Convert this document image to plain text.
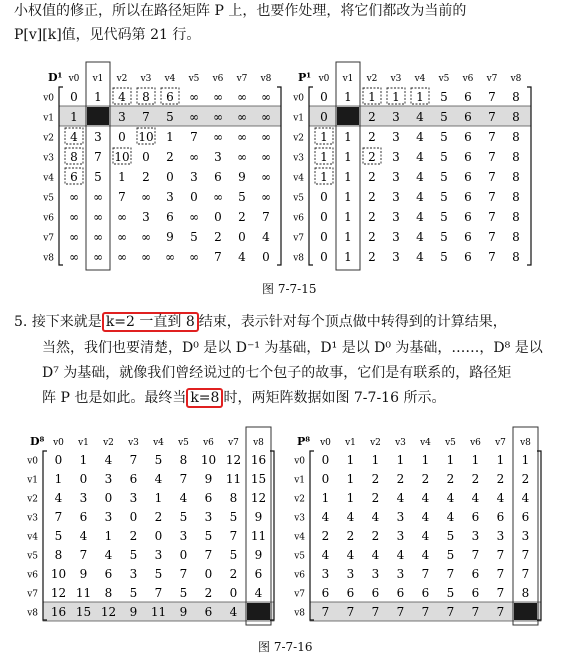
小权值的修正，所以在路径矩阵 P 上，也要作处理，将它们都改为当前的
P[v][k]值，见代码第 21 行。
D¹ v0 v1 v2 v3 v4 v5 v6 v7 v8
v0
v1
v2
v3
v4
v5
v6
v7
v8
0 1 4 8 6 ∞ ∞ ∞ ∞
1	3 7 5 ∞ ∞ ∞ ∞
4 3 0 10 1 7 ∞ ∞ ∞
8 7 10 0 2 ∞ 3 ∞ ∞
6 5 1 2 0 3 6 9 ∞
∞ ∞ 7 ∞ 3 0 ∞ 5 ∞
∞ ∞ ∞ 3 6 ∞ 0 2 7
∞ ∞ ∞ ∞ 9 5 2 0 4
∞ ∞ ∞ ∞ ∞ ∞ 7 4 0
P¹ v0 v1 v2 v3 v4 v5 v6 v7 v8
v0
v1
v2
v3
v4
v5
v6
v7
v8
0 1 1 1 1 5 6 7 8
0	2 3 4 5 6 7 8
1 1 2 3 4 5 6 7 8
1 1 2 3 4 5 6 7 8
1 1 2 3 4 5 6 7 8
0 1 2 3 4 5 6 7 8
0 1 2 3 4 5 6 7 8
0 1 2 3 4 5 6 7 8
0 1 2 3 4 5 6 7 8
图 7-7-15
5. 接下来就是 k=2 一直到 8 结束，表示针对每个顶点做中转得到的计算结果，
当然，我们也要清楚，D⁰ 是以 D⁻¹ 为基础，D¹ 是以 D⁰ 为基础，……，D⁸ 是以
D⁷ 为基础，就像我们曾经说过的七个包子的故事，它们是有联系的，路径矩
阵 P 也是如此。最终当 k=8 时，两矩阵数据如图 7-7-16 所示。
D⁸ v0 v1 v2 v3 v4 v5 v6 v7 v8
v0
v1
v2
v3
v4
v5
v6
v7
v8
0 1 4 7 5 8 10 12 16
1 0 3 6 4 7 9 11 15
4 3 0 3 1 4 6 8 12
7 6 3 0 2 5 3 5 9
5 4 1 2 0 3 5 7 11
8 7 4 5 3 0 7 5 9
10 9 6 3 5 7 0 2 6
12 11 8 5 7 5 2 0 4
16 15 12 9 11 9 6 4
P⁸ v0 v1 v2 v3 v4 v5 v6 v7 v8
v0
v1
v2
v3
v4
v5
v6
v7
v8
0 1 1 1 1 1 1 1 1
0 1 2 2 2 2 2 2 2
1 1 2 4 4 4 4 4 4
4 4 4 3 4 4 6 6 6
2 2 2 3 4 5 3 3 3
4 4 4 4 4 5 7 7 7
3 3 3 3 7 7 6 7 7
6 6 6 6 6 5 6 7 8
7 7 7 7 7 7 7 7
图 7-7-16
